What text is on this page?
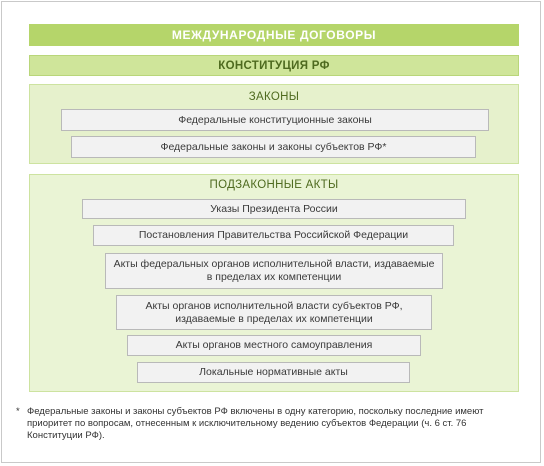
МЕЖДУНАРОДНЫЕ ДОГОВОРЫ
КОНСТИТУЦИЯ РФ
ЗАКОНЫ
Федеральные конституционные законы
Федеральные законы и законы субъектов РФ*
ПОДЗАКОННЫЕ АКТЫ
Указы Президента России
Постановления Правительства Российской Федерации
Акты федеральных органов исполнительной власти, издаваемые в пределах их компетенции
Акты органов исполнительной власти субъектов РФ, издаваемые в пределах их компетенции
Акты органов местного самоуправления
Локальные нормативные акты
* Федеральные законы и законы субъектов РФ включены в одну категорию, поскольку последние имеют приоритет по вопросам, отнесенным к исключительному ведению субъектов Федерации (ч. 6 ст. 76 Конституции РФ).
